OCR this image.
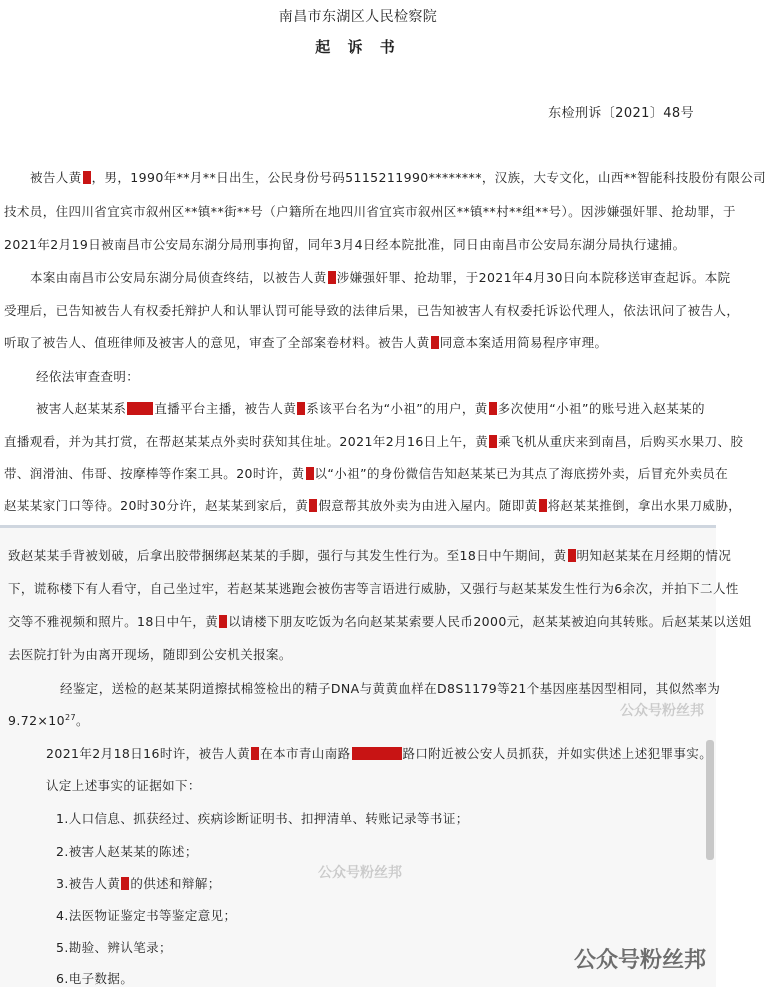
南昌市东湖区人民检察院
起 诉 书
东检刑诉〔2021〕48号
被告人黄 ，男，1990年**月**日出生，公民身份号码5115211990********，汉族，大专文化，山西**智能科技股份有限公司
技术员，住四川省宜宾市叙州区**镇**街**号（户籍所在地四川省宜宾市叙州区**镇**村**组**号）。因涉嫌强奸罪、抢劫罪，于
2021年2月19日被南昌市公安局东湖分局刑事拘留，同年3月4日经本院批准，同日由南昌市公安局东湖分局执行逮捕。
本案由南昌市公安局东湖分局侦查终结，以被告人黄 涉嫌强奸罪、抢劫罪，于2021年4月30日向本院移送审查起诉。本院
受理后，已告知被告人有权委托辩护人和认罪认罚可能导致的法律后果，已告知被害人有权委托诉讼代理人，依法讯问了被告人，
听取了被告人、值班律师及被害人的意见，审查了全部案卷材料。被告人黄 同意本案适用简易程序审理。
经依法审查查明：
被害人赵某某系 直播平台主播，被告人黄 系该平台名为“小祖”的用户，黄 多次使用“小祖”的账号进入赵某某的
直播观看，并为其打赏，在帮赵某某点外卖时获知其住址。2021年2月16日上午，黄 乘飞机从重庆来到南昌，后购买水果刀、胶
带、润滑油、伟哥、按摩棒等作案工具。20时许，黄 以“小祖”的身份微信告知赵某某已为其点了海底捞外卖，后冒充外卖员在
赵某某家门口等待。20时30分许，赵某某到家后，黄 假意帮其放外卖为由进入屋内。随即黄 将赵某某推倒，拿出水果刀威胁，
致赵某某手背被划破，后拿出胶带捆绑赵某某的手脚，强行与其发生性行为。至18日中午期间，黄 明知赵某某在月经期的情况
下，谎称楼下有人看守，自己坐过牢，若赵某某逃跑会被伤害等言语进行威胁，又强行与赵某某发生性行为6余次，并拍下二人性
交等不雅视频和照片。18日中午，黄 以请楼下朋友吃饭为名向赵某某索要人民币2000元，赵某某被迫向其转账。后赵某某以送姐
去医院打针为由离开现场，随即到公安机关报案。
经鉴定，送检的赵某某阴道擦拭棉签检出的精子DNA与黄黄血样在D8S1179等21个基因座基因型相同，其似然率为
$9.72\times 10^{27}$。
2021年2月18日16时许，被告人黄 在本市青山南路	路口附近被公安人员抓获，并如实供述上述犯罪事实。
认定上述事实的证据如下：
1.人口信息、抓获经过、疾病诊断证明书、扣押清单、转账记录等书证；
2.被害人赵某某的陈述；
3.被告人黄 的供述和辩解；
4.法医物证鉴定书等鉴定意见；
5.勘验、辨认笔录；
6.电子数据。
公众号粉丝邦
公众号粉丝邦
公众号粉丝邦
